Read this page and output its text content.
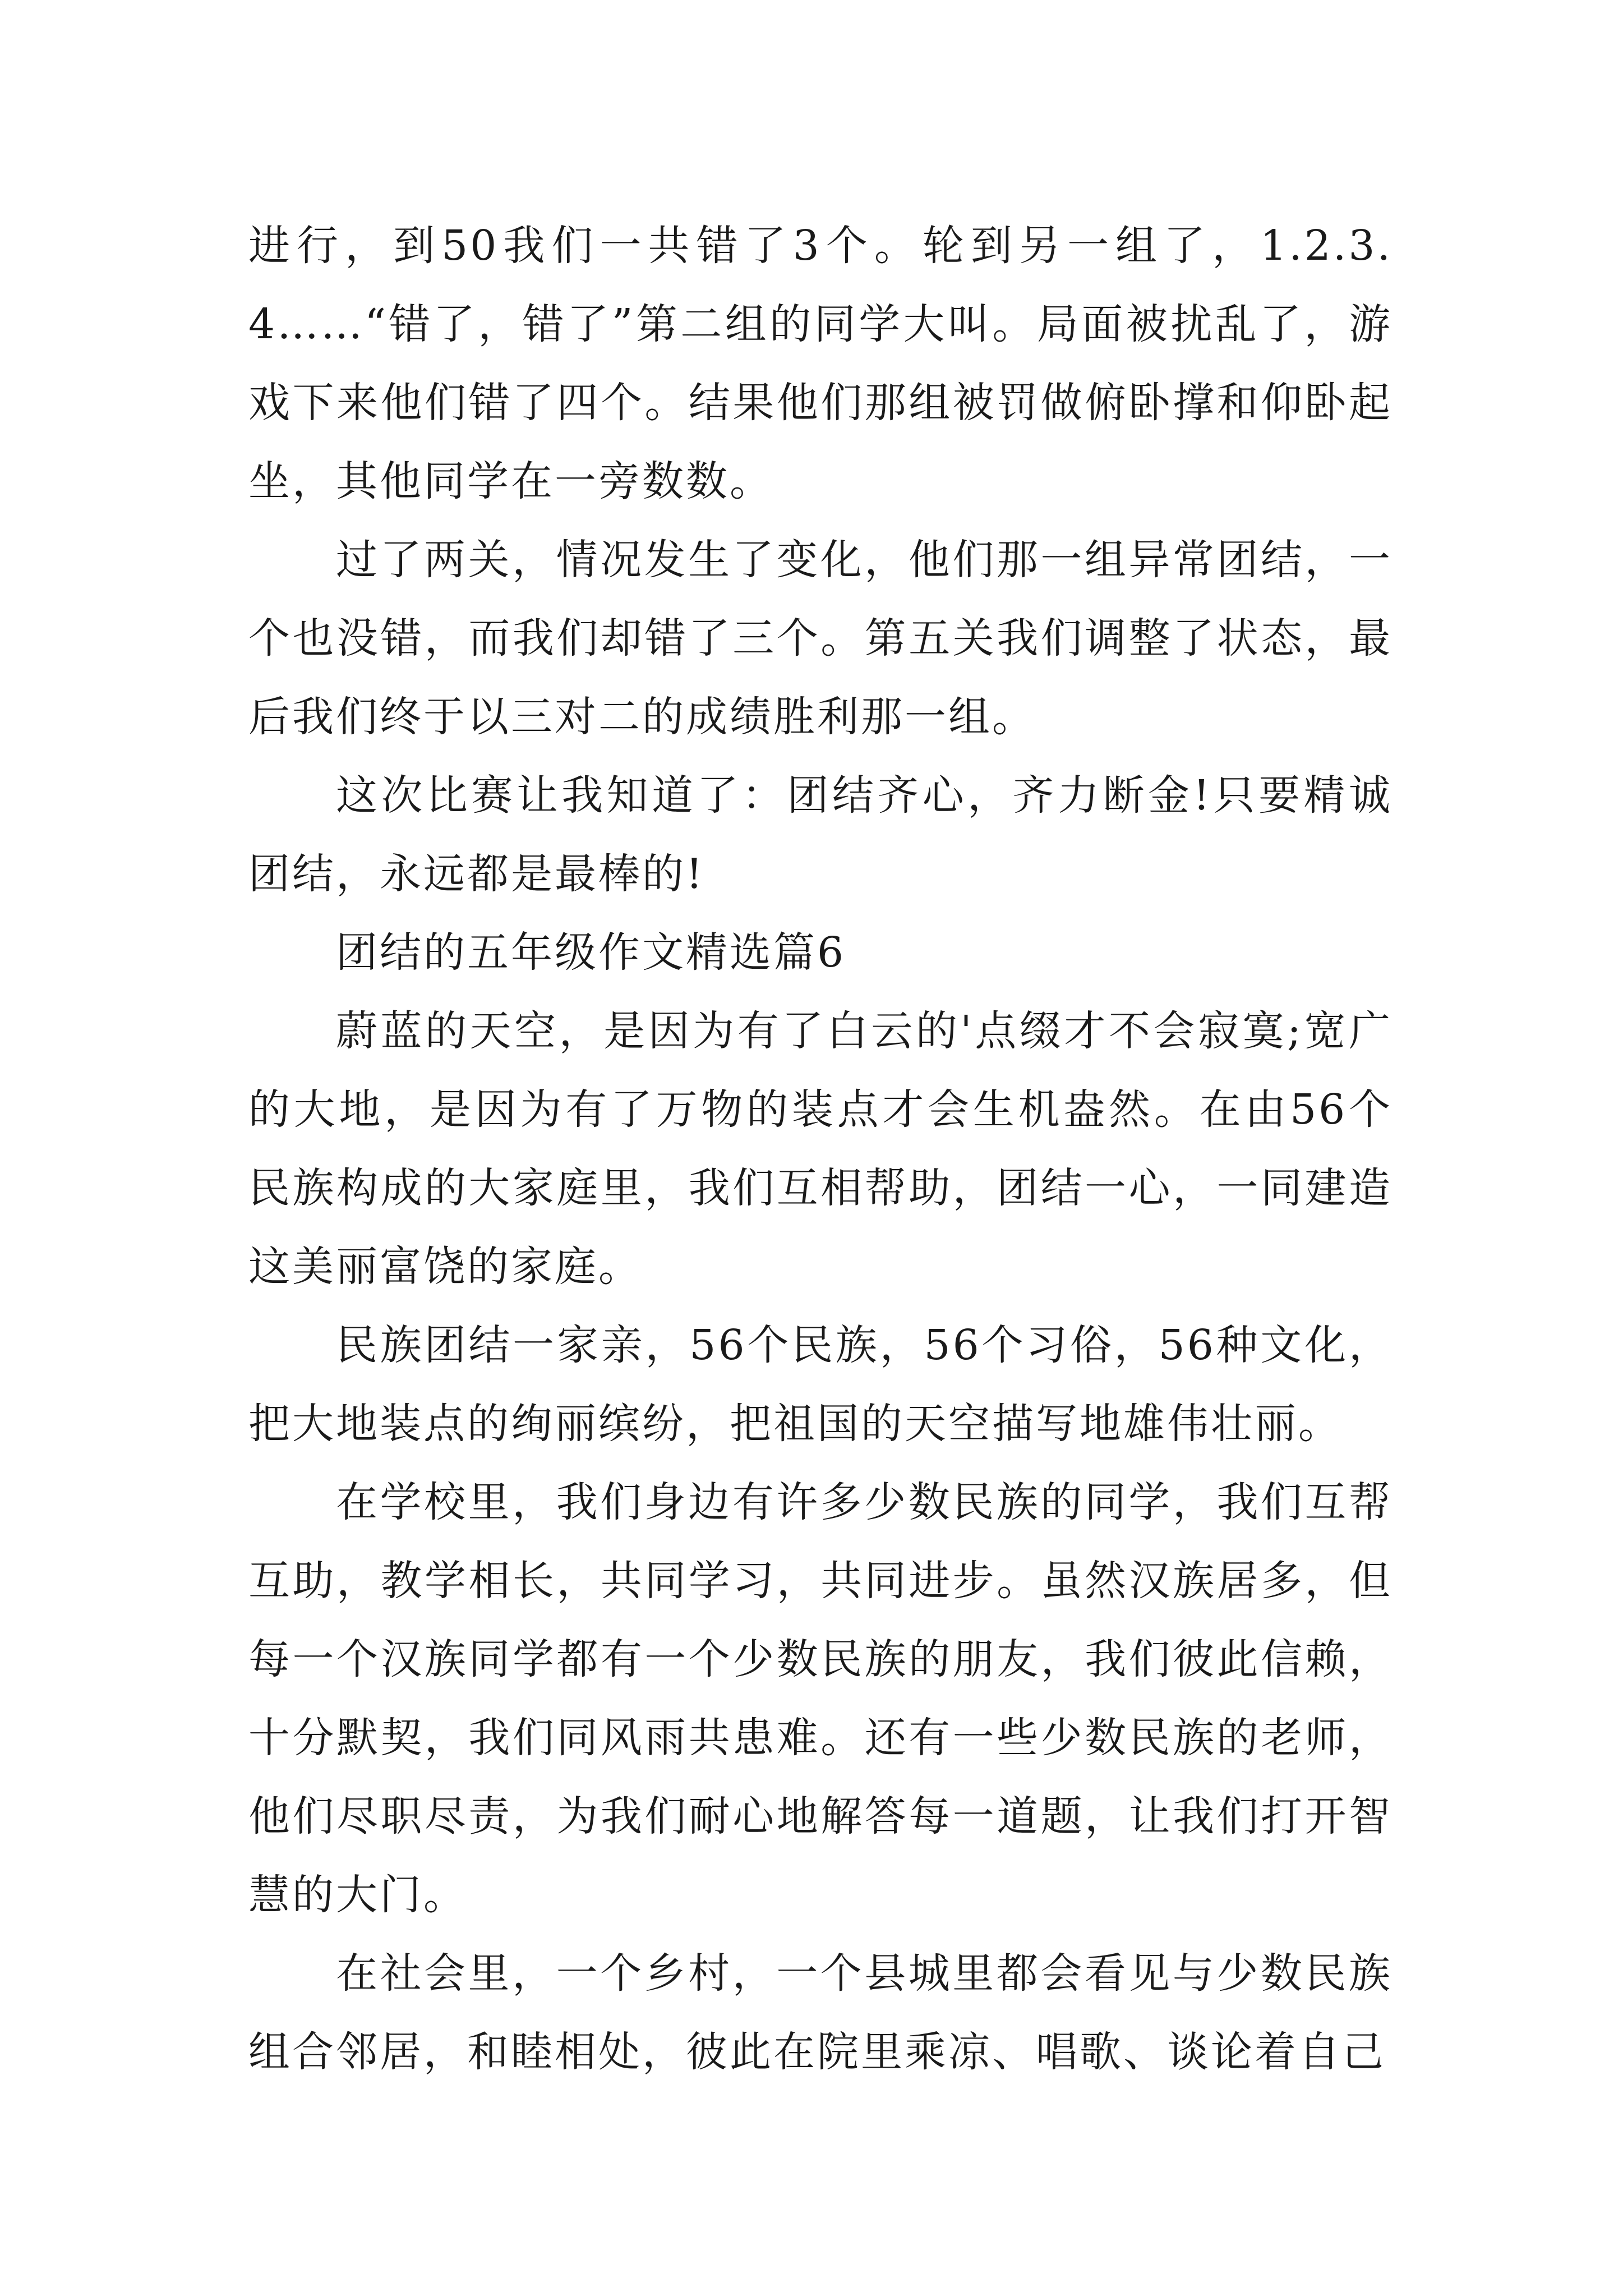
进行，到50我们一共错了3个。轮到另一组了，1.2.3.4……“错了，错了”第二组的同学大叫。局面被扰乱了，游戏下来他们错了四个。结果他们那组被罚做俯卧撑和仰卧起坐，其他同学在一旁数数。

过了两关，情况发生了变化，他们那一组异常团结，一个也没错，而我们却错了三个。第五关我们调整了状态，最后我们终于以三对二的成绩胜利那一组。

这次比赛让我知道了：团结齐心，齐力断金!只要精诚团结，永远都是最棒的!

团结的五年级作文精选篇6

蔚蓝的天空，是因为有了白云的'点缀才不会寂寞;宽广的大地，是因为有了万物的装点才会生机盎然。在由56个民族构成的大家庭里，我们互相帮助，团结一心，一同建造这美丽富饶的家庭。

民族团结一家亲，56个民族，56个习俗，56种文化，把大地装点的绚丽缤纷，把祖国的天空描写地雄伟壮丽。

在学校里，我们身边有许多少数民族的同学，我们互帮互助，教学相长，共同学习，共同进步。虽然汉族居多，但每一个汉族同学都有一个少数民族的朋友，我们彼此信赖，十分默契，我们同风雨共患难。还有一些少数民族的老师，他们尽职尽责，为我们耐心地解答每一道题，让我们打开智慧的大门。

在社会里，一个乡村，一个县城里都会看见与少数民族组合邻居，和睦相处，彼此在院里乘凉、唱歌、谈论着自己
